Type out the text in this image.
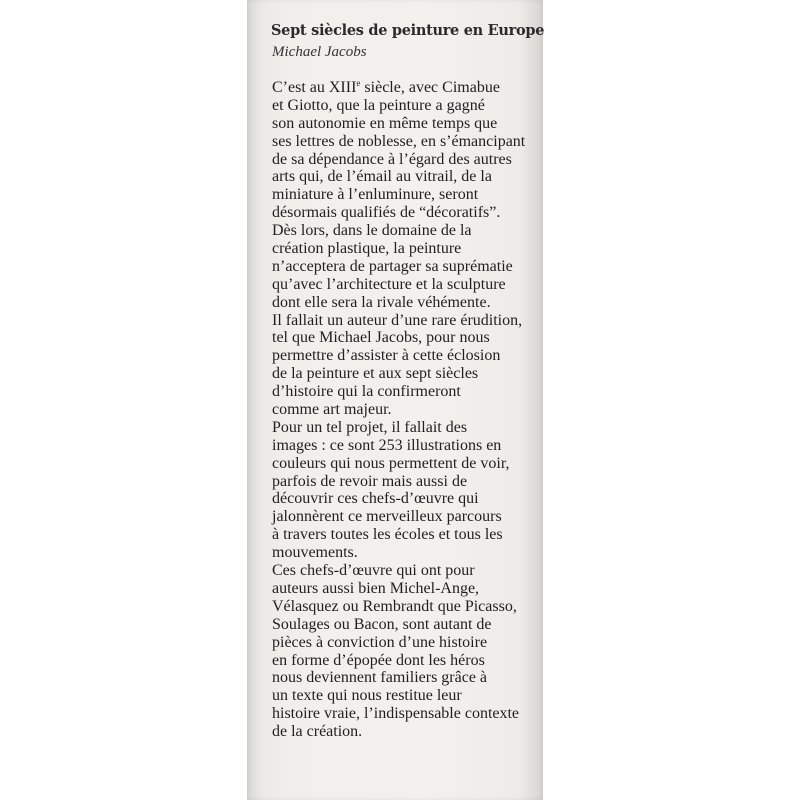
Sept siècles de peinture en Europe

Michael Jacobs

C’est au XIIIe siècle, avec Cimabue
et Giotto, que la peinture a gagné
son autonomie en même temps que
ses lettres de noblesse, en s’émancipant
de sa dépendance à l’égard des autres
arts qui, de l’émail au vitrail, de la
miniature à l’enluminure, seront
désormais qualifiés de “décoratifs”.
Dès lors, dans le domaine de la
création plastique, la peinture
n’acceptera de partager sa suprématie
qu’avec l’architecture et la sculpture
dont elle sera la rivale véhémente.
Il fallait un auteur d’une rare érudition,
tel que Michael Jacobs, pour nous
permettre d’assister à cette éclosion
de la peinture et aux sept siècles
d’histoire qui la confirmeront
comme art majeur.
Pour un tel projet, il fallait des
images : ce sont 253 illustrations en
couleurs qui nous permettent de voir,
parfois de revoir mais aussi de
découvrir ces chefs-d’œuvre qui
jalonnèrent ce merveilleux parcours
à travers toutes les écoles et tous les
mouvements.
Ces chefs-d’œuvre qui ont pour
auteurs aussi bien Michel-Ange,
Vélasquez ou Rembrandt que Picasso,
Soulages ou Bacon, sont autant de
pièces à conviction d’une histoire
en forme d’épopée dont les héros
nous deviennent familiers grâce à
un texte qui nous restitue leur
histoire vraie, l’indispensable contexte
de la création.
